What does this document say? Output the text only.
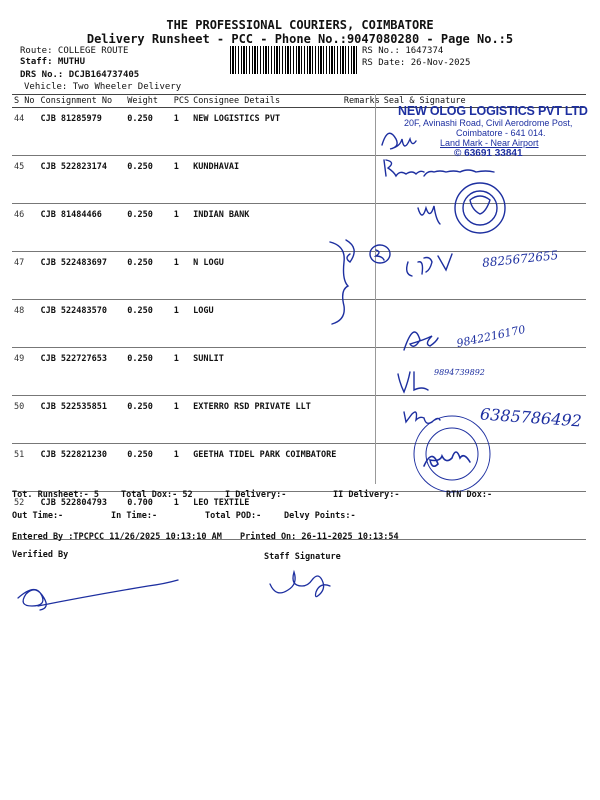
THE PROFESSIONAL COURIERS, COIMBATORE
Delivery Runsheet - PCC - Phone No.:9047080280 - Page No.:5
Route: COLLEGE ROUTE
Staff: MUTHU
DRS No.: DCJB164737405
Vehicle: Two Wheeler Delivery
RS No.: 1647374
RS Date: 26-Nov-2025
S No	Consignment No	Weight	PCS	Consignee Details	Remarks	Seal & Signature
44	CJB 81285979	0.250	1	NEW LOGISTICS PVT		
45	CJB 522823174	0.250	1	KUNDHAVAI		
46	CJB 81484466	0.250	1	INDIAN BANK		
47	CJB 522483697	0.250	1	N LOGU		
48	CJB 522483570	0.250	1	LOGU		
49	CJB 522727653	0.250	1	SUNLIT		
50	CJB 522535851	0.250	1	EXTERRO RSD PRIVATE LLT		
51	CJB 522821230	0.250	1	GEETHA TIDEL PARK COIMBATORE		
52	CJB 522804793	0.700	1	LEO TEXTILE		
NEW OLOG LOGISTICS PVT LTD
20F, Avinashi Road, Civil Aerodrome Post,
Coimbatore - 641 014.
Land Mark - Near Airport
© 63691 33841
8825672655
9842216170
9894739892
6385786492
Tot. Runsheet:- 5	Total Dox:- 52	I Delivery:-	II Delivery:-	RTN Dox:-
Out Time:-	In Time:-	Total POD:-	Delvy Points:-
Entered By :TPCPCC 11/26/2025 10:13:10 AM Printed On: 26-11-2025 10:13:54
Verified By	Staff Signature
